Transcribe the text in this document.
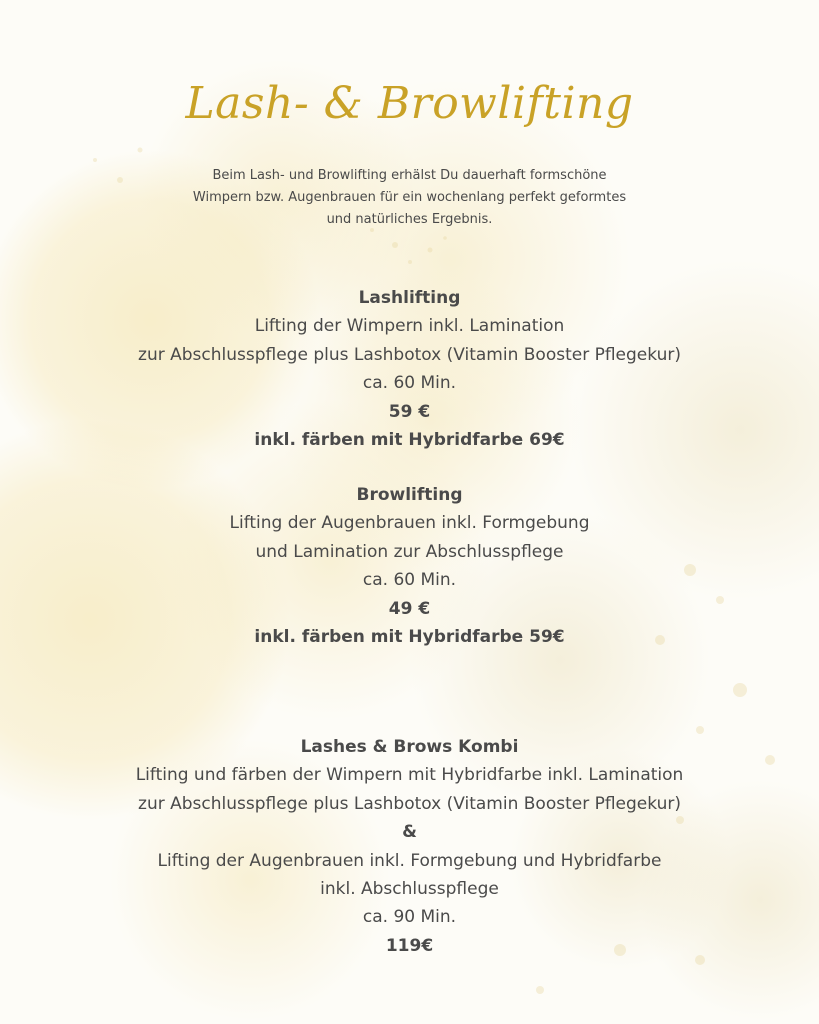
Lash- & Browlifting
Beim Lash- und Browlifting erhälst Du dauerhaft formschöne
Wimpern bzw. Augenbrauen für ein wochenlang perfekt geformtes
und natürliches Ergebnis.
Lashlifting
Lifting der Wimpern inkl. Lamination
zur Abschlusspflege plus Lashbotox (Vitamin Booster Pflegekur)
ca. 60 Min.
59 €
inkl. färben mit Hybridfarbe 69€
Browlifting
Lifting der Augenbrauen inkl. Formgebung
und Lamination zur Abschlusspflege
ca. 60 Min.
49 €
inkl. färben mit Hybridfarbe 59€
Lashes & Brows Kombi
Lifting und färben der Wimpern mit Hybridfarbe inkl. Lamination
zur Abschlusspflege plus Lashbotox (Vitamin Booster Pflegekur)
&
Lifting der Augenbrauen inkl. Formgebung und Hybridfarbe
inkl. Abschlusspflege
ca. 90 Min.
119€
